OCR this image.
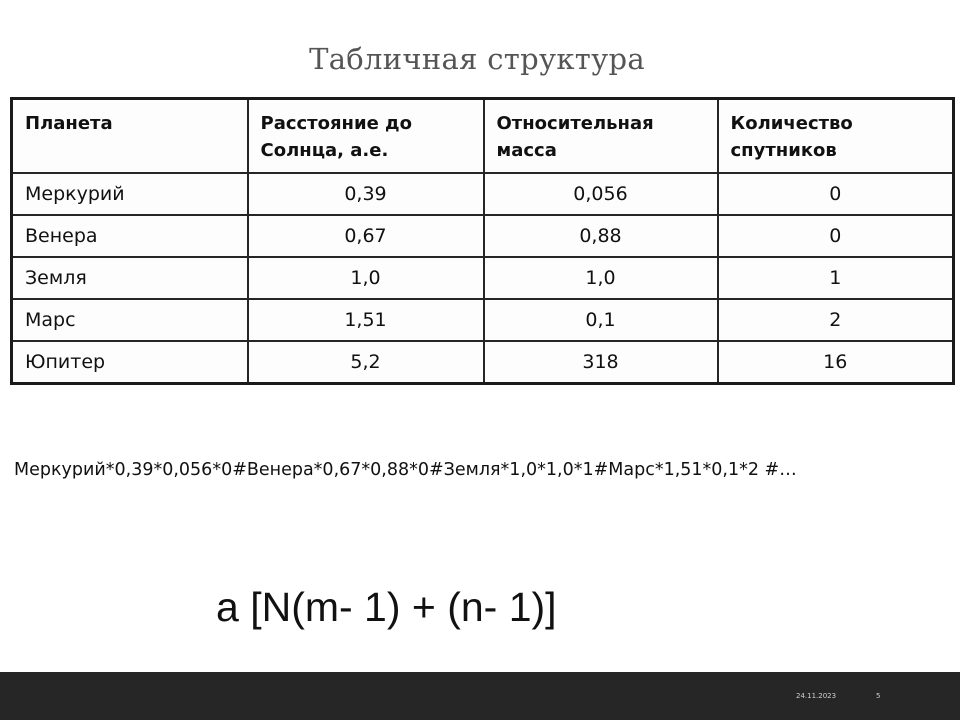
Табличная структура
Планета	Расстояние до Солнца, а.е.	Относительная масса	Количество спутников
Меркурий	0,39	0,056	0
Венера	0,67	0,88	0
Земля	1,0	1,0	1
Марс	1,51	0,1	2
Юпитер	5,2	318	16

Меркурий*0,39*0,056*0#Венера*0,67*0,88*0#Земля*1,0*1,0*1#Марс*1,51*0,1*2 #…

a [N(m- 1) + (n- 1)]

24.11.2023	5
